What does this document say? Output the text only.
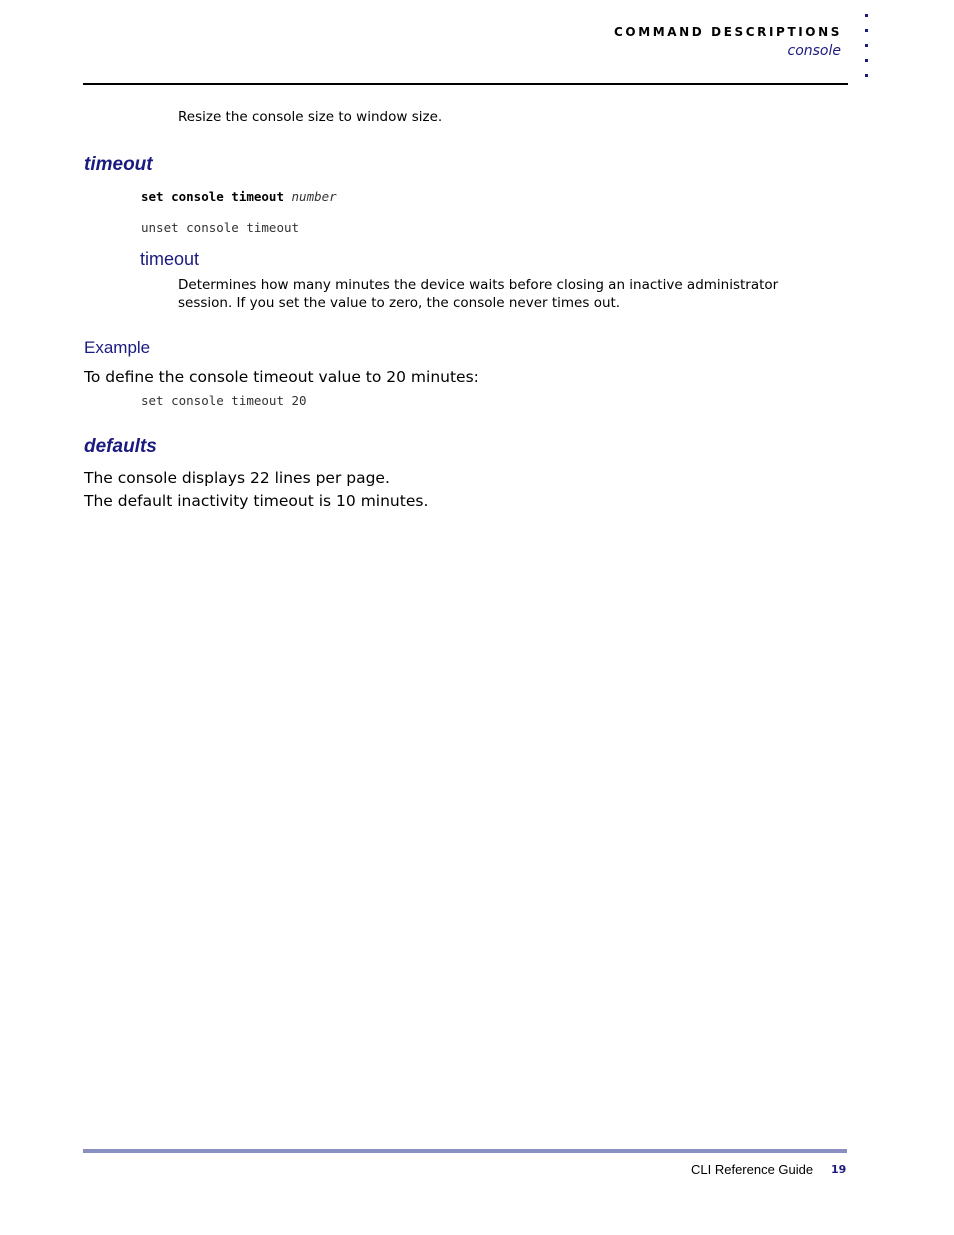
COMMAND DESCRIPTIONS
console
Resize the console size to window size.
timeout
set console timeout number
unset console timeout
timeout
Determines how many minutes the device waits before closing an inactive administrator
session. If you set the value to zero, the console never times out.
Example
To define the console timeout value to 20 minutes:
set console timeout 20
defaults
The console displays 22 lines per page.
The default inactivity timeout is 10 minutes.
CLI Reference Guide 19
